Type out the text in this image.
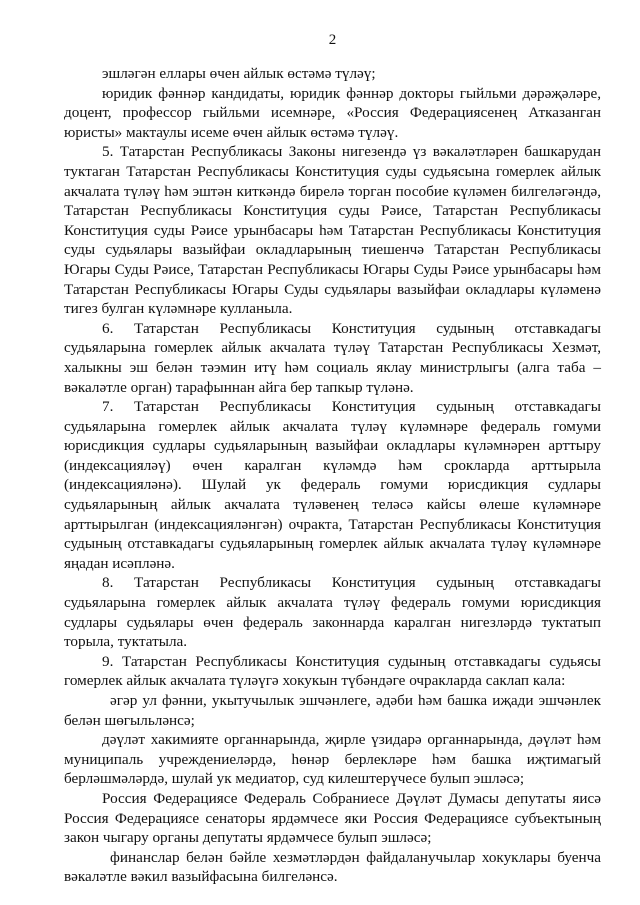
2

эшләгән еллары өчен айлык өстәмә түләү;

юридик фәннәр кандидаты, юридик фәннәр докторы гыйльми дәрәҗәләре, доцент, профессор гыйльми исемнәре, «Россия Федерациясенең Атказанган юристы» мактаулы исеме өчен айлык өстәмә түләү.

5. Татарстан Республикасы Законы нигезендә үз вәкаләтләрен башкарудан туктаган Татарстан Республикасы Конституция суды судьясына гомерлек айлык акчалата түләү һәм эштән киткәндә бирелә торган пособие күләмен билгеләгәндә, Татарстан Республикасы Конституция суды Рәисе, Татарстан Республикасы Конституция суды Рәисе урынбасары һәм Татарстан Республикасы Конституция суды судьялары вазыйфаи окладларының тиешенчә Татарстан Республикасы Югары Суды Рәисе, Татарстан Республикасы Югары Суды Рәисе урынбасары һәм Татарстан Республикасы Югары Суды судьялары вазыйфаи окладлары күләменә тигез булган күләмнәре кулланыла.

6. Татарстан Республикасы Конституция судының отставкадагы судьяларына гомерлек айлык акчалата түләү Татарстан Республикасы Хезмәт, халыкны эш белән тәэмин итү һәм социаль яклау министрлыгы (алга таба – вәкаләтле орган) тарафыннан айга бер тапкыр түләнә.

7. Татарстан Республикасы Конституция судының отставкадагы судьяларына гомерлек айлык акчалата түләү күләмнәре федераль гомуми юрисдикция судлары судьяларының вазыйфаи окладлары күләмнәрен арттыру (индексацияләү) өчен каралган күләмдә һәм срокларда арттырыла (индексацияләнә). Шулай ук федераль гомуми юрисдикция судлары судьяларының айлык акчалата түләвенең теләсә кайсы өлеше күләмнәре арттырылган (индексацияләнгән) очракта, Татарстан Республикасы Конституция судының отставкадагы судьяларының гомерлек айлык акчалата түләү күләмнәре яңадан исәпләнә.

8. Татарстан Республикасы Конституция судының отставкадагы судьяларына гомерлек айлык акчалата түләү федераль гомуми юрисдикция судлары судьялары өчен федераль законнарда каралган нигезләрдә туктатып торыла, туктатыла.

9. Татарстан Республикасы Конституция судының отставкадагы судьясы гомерлек айлык акчалата түләүгә хокукын түбәндәге очракларда саклап кала:

әгәр ул фәнни, укытучылык эшчәнлеге, әдәби һәм башка иҗади эшчәнлек белән шөгыльләнсә;

дәүләт хакимияте органнарында, җирле үзидарә органнарында, дәүләт һәм муниципаль учреждениеләрдә, һөнәр берлекләре һәм башка иҗтимагый берләшмәләрдә, шулай ук медиатор, суд килештерүчесе булып эшләсә;

Россия Федерациясе Федераль Собраниесе Дәүләт Думасы депутаты яисә Россия Федерациясе сенаторы ярдәмчесе яки Россия Федерациясе субъектының закон чыгару органы депутаты ярдәмчесе булып эшләсә;

финанслар белән бәйле хезмәтләрдән файдаланучылар хокуклары буенча вәкаләтле вәкил вазыйфасына билгеләнсә.
